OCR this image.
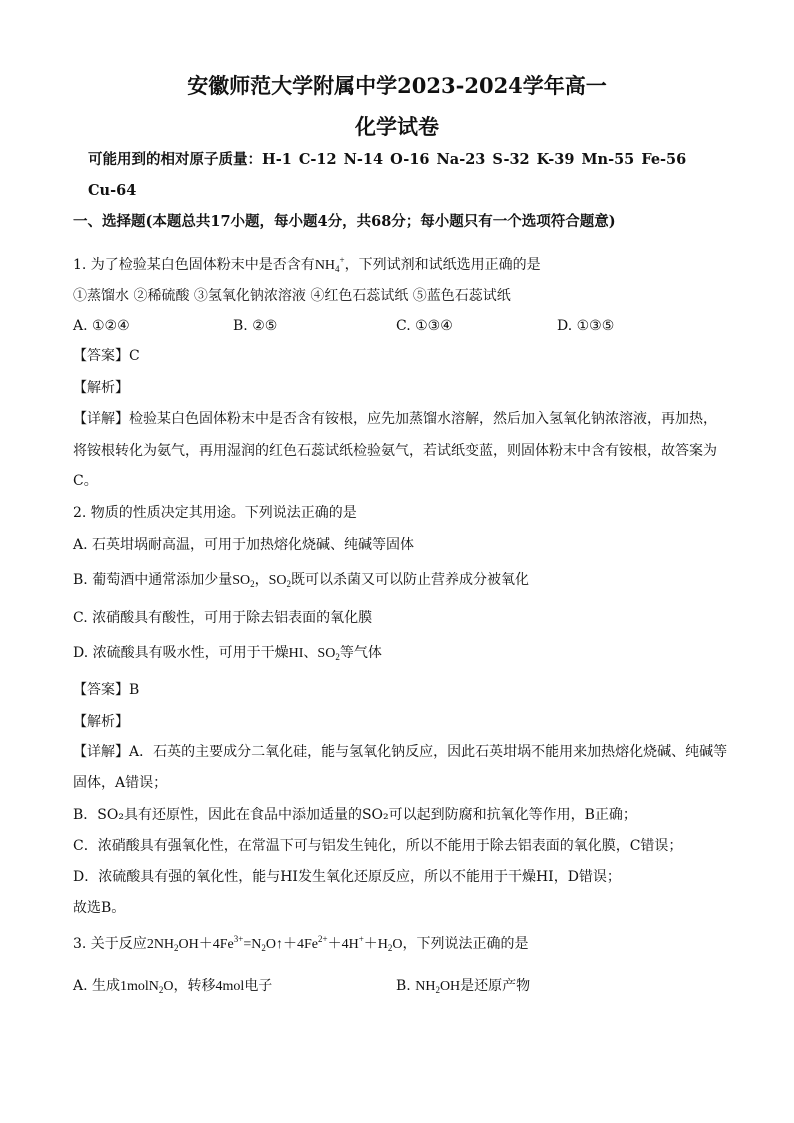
安徽师范大学附属中学2023-2024学年高一
化学试卷
可能用到的相对原子质量：H-1 C-12 N-14 O-16 Na-23 S-32 K-39 Mn-55 Fe-56
Cu-64
一、选择题(本题总共17小题，每小题4分，共68分；每小题只有一个选项符合题意)
1. 为了检验某白色固体粉末中是否含有$NH_4^+$，下列试剂和试纸选用正确的是
①蒸馏水 ②稀硫酸 ③氢氧化钠浓溶液 ④红色石蕊试纸 ⑤蓝色石蕊试纸
A. ①②④	B. ②⑤	C. ①③④	D. ①③⑤
【答案】C
【解析】
【详解】检验某白色固体粉末中是否含有铵根，应先加蒸馏水溶解，然后加入氢氧化钠浓溶液，再加热，
将铵根转化为氨气，再用湿润的红色石蕊试纸检验氨气，若试纸变蓝，则固体粉末中含有铵根，故答案为
C。
2. 物质的性质决定其用途。下列说法正确的是
A. 石英坩埚耐高温，可用于加热熔化烧碱、纯碱等固体
B. 葡萄酒中通常添加少量$SO_2$，$SO_2$既可以杀菌又可以防止营养成分被氧化
C. 浓硝酸具有酸性，可用于除去铝表面的氧化膜
D. 浓硫酸具有吸水性，可用于干燥HI、$SO_2$等气体
【答案】B
【解析】
【详解】A．石英的主要成分二氧化硅，能与氢氧化钠反应，因此石英坩埚不能用来加热熔化烧碱、纯碱等
固体，A错误；
B．SO₂具有还原性，因此在食品中添加适量的SO₂可以起到防腐和抗氧化等作用，B正确；
C．浓硝酸具有强氧化性，在常温下可与铝发生钝化，所以不能用于除去铝表面的氧化膜，C错误；
D．浓硫酸具有强的氧化性，能与HI发生氧化还原反应，所以不能用于干燥HI，D错误；
故选B。
3. 关于反应$2NH_2OH+4Fe^{3+}=N_2O↑+4Fe^{2+}+4H^++H_2O$，下列说法正确的是
A. 生成1molN$_2$O，转移4mol电子	B. $NH_2OH$是还原产物
